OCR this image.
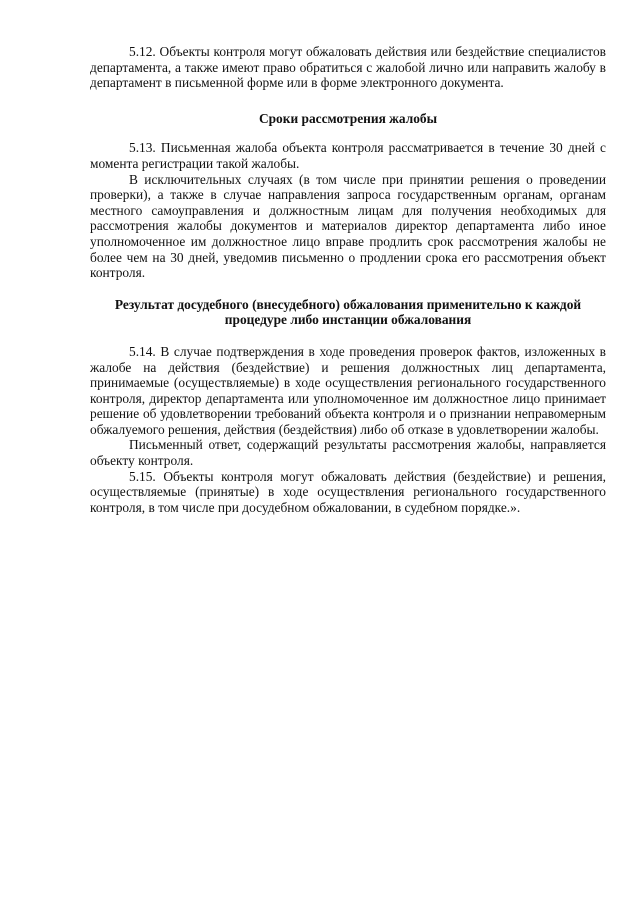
5.12. Объекты контроля могут обжаловать действия или бездействие специалистов департамента, а также имеют право обратиться с жалобой лично или направить жалобу в департамент в письменной форме или в форме электронного документа.

Сроки рассмотрения жалобы

5.13. Письменная жалоба объекта контроля рассматривается в течение 30 дней с момента регистрации такой жалобы.

В исключительных случаях (в том числе при принятии решения о проведении проверки), а также в случае направления запроса государственным органам, органам местного самоуправления и должностным лицам для получения необходимых для рассмотрения жалобы документов и материалов директор департамента либо иное уполномоченное им должностное лицо вправе продлить срок рассмотрения жалобы не более чем на 30 дней, уведомив письменно о продлении срока его рассмотрения объект контроля.

Результат досудебного (внесудебного) обжалования применительно к каждой процедуре либо инстанции обжалования

5.14. В случае подтверждения в ходе проведения проверок фактов, изложенных в жалобе на действия (бездействие) и решения должностных лиц департамента, принимаемые (осуществляемые) в ходе осуществления регионального государственного контроля, директор департамента или уполномоченное им должностное лицо принимает решение об удовлетворении требований объекта контроля и о признании неправомерным обжалуемого решения, действия (бездействия) либо об отказе в удовлетворении жалобы.

Письменный ответ, содержащий результаты рассмотрения жалобы, направляется объекту контроля.

5.15. Объекты контроля могут обжаловать действия (бездействие) и решения, осуществляемые (принятые) в ходе осуществления регионального государственного контроля, в том числе при досудебном обжаловании, в судебном порядке.».
